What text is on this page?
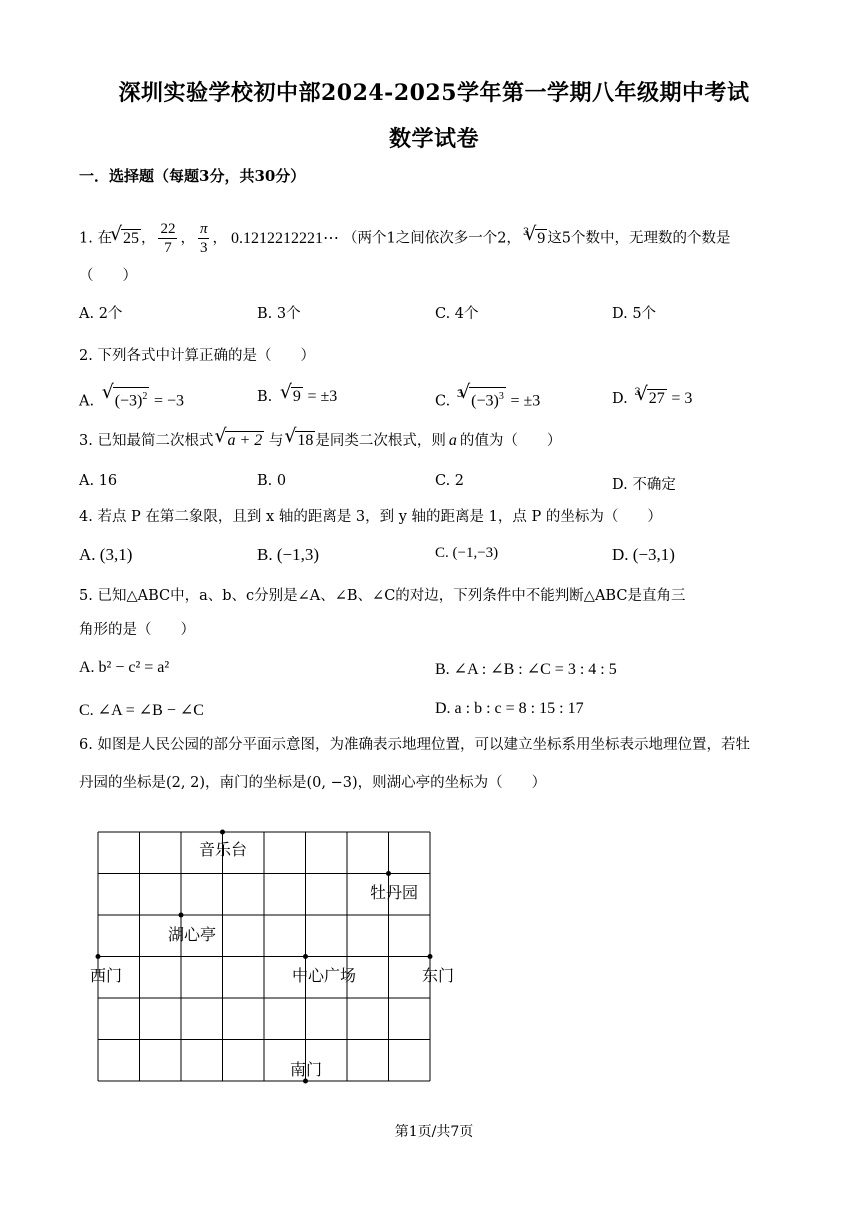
深圳实验学校初中部2024-2025学年第一学期八年级期中考试
数学试卷
一．选择题（每题3分，共30分）
1. 在 √ 25 ， $\frac{22}{7}$ ， $\frac{\pi}{3}$ ， 0.1212212221⋯ （两个1之间依次多一个2， $^3$ √ 9 这5个数中，无理数的个数是
（　　）
A. 2个	B. 3个	C. 4个	D. 5个
2. 下列各式中计算正确的是（　　）
A. √ $(-3)^2 = -3$	B. √ 9 = ±3	C. $^3$ √ $(-3)^3 = \pm 3$	D. $^3$ √ 27 = 3
3. 已知最简二次根式 √ a + 2 与 √ 18 是同类二次根式，则 a 的值为（　　）
A. 16	B. 0	C. 2	D. 不确定
4. 若点 P 在第二象限，且到 x 轴的距离是 3，到 y 轴的距离是 1，点 P 的坐标为（　　）
A. (3,1)	B. (−1,3)	C. (−1,−3)	D. (−3,1)
5. 已知△ABC中，a、b、c分别是∠A、∠B、∠C的对边，下列条件中不能判断△ABC是直角三
角形的是（　　）
A. b² − c² = a²	B. ∠A : ∠B : ∠C = 3 : 4 : 5
C. ∠A = ∠B − ∠C	D. a : b : c = 8 : 15 : 17
6. 如图是人民公园的部分平面示意图，为准确表示地理位置，可以建立坐标系用坐标表示地理位置，若牡
丹园的坐标是(2, 2)，南门的坐标是(0, −3)，则湖心亭的坐标为（　　）
音乐台
牡丹园
湖心亭
西门	中心广场	东门
南门
第1页/共7页
